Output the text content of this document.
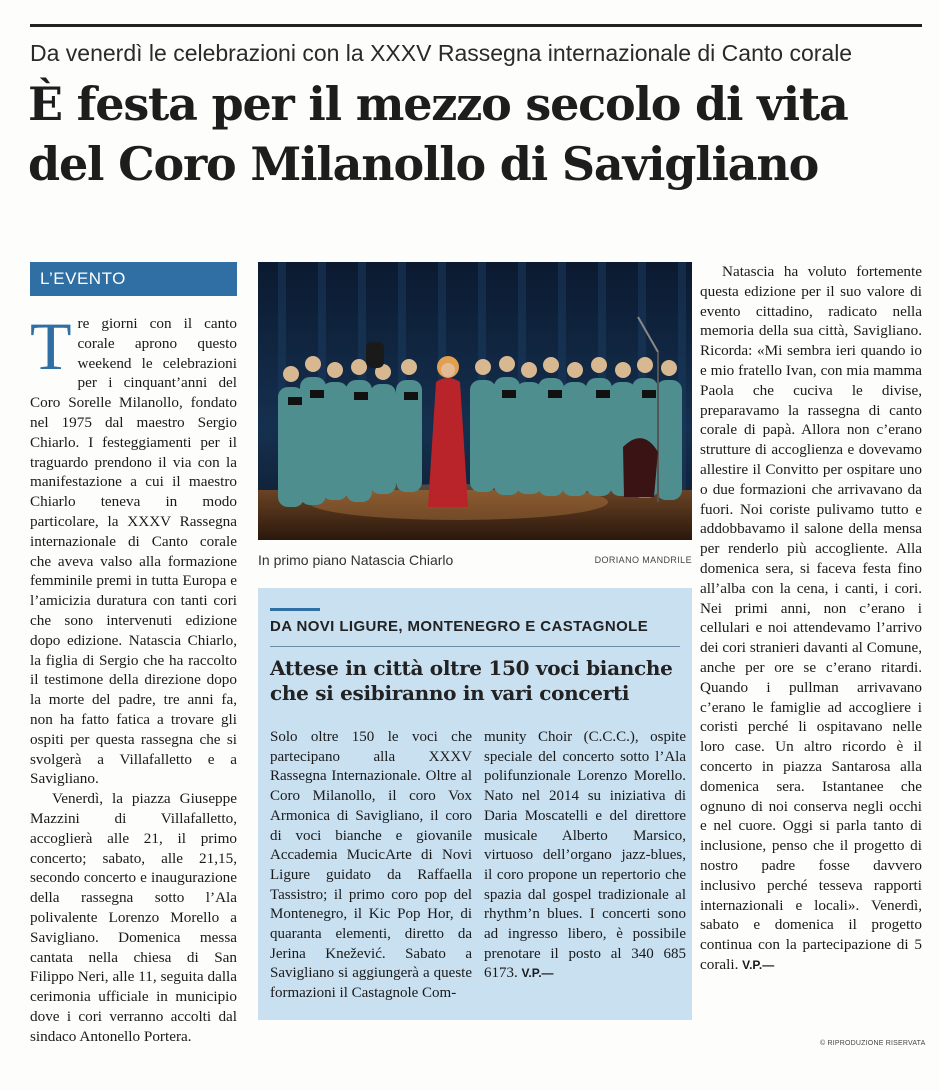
Da venerdì le celebrazioni con la XXXV Rassegna internazionale di Canto corale
È festa per il mezzo secolo di vita
del Coro Milanollo di Savigliano
L’EVENTO

Tre giorni con il canto corale aprono questo weekend le celebrazioni per i cinquant’anni del Coro Sorelle Milanollo, fondato nel 1975 dal maestro Sergio Chiarlo. I festeggiamenti per il traguardo prendono il via con la manifestazione a cui il maestro Chiarlo teneva in modo particolare, la XXXV Rassegna internazionale di Canto corale che aveva valso alla formazione femminile premi in tutta Europa e l’amicizia duratura con tanti cori che sono intervenuti edizione dopo edizione. Natascia Chiarlo, la figlia di Sergio che ha raccolto il testimone della direzione dopo la morte del padre, tre anni fa, non ha fatto fatica a trovare gli ospiti per questa rassegna che si svolgerà a Villafalletto e a Savigliano.

Venerdì, la piazza Giuseppe Mazzini di Villafalletto, accoglierà alle 21, il primo concerto; sabato, alle 21,15, secondo concerto e inaugurazione della rassegna sotto l’Ala polivalente Lorenzo Morello a Savigliano. Domenica messa cantata nella chiesa di San Filippo Neri, alle 11, seguita dalla cerimonia ufficiale in municipio dove i cori verranno accolti dal sindaco Antonello Portera.

In primo piano Natascia Chiarlo	DORIANO MANDRILE
DA NOVI LIGURE, MONTENEGRO E CASTAGNOLE
Attese in città oltre 150 voci bianche
che si esibiranno in vari concerti

Solo oltre 150 le voci che partecipano alla XXXV Rassegna Internazionale. Oltre al Coro Milanollo, il coro Vox Armonica di Savigliano, il coro di voci bianche e giovanile Accademia MucicArte di Novi Ligure guidato da Raffaella Tassistro; il primo coro pop del Montenegro, il Kic Pop Hor, di quaranta elementi, diretto da Jerina Knežević. Sabato a Savigliano si aggiungerà a queste formazioni il Castagnole Com-

munity Choir (C.C.C.), ospite speciale del concerto sotto l’Ala polifunzionale Lorenzo Morello. Nato nel 2014 su iniziativa di Daria Moscatelli e del direttore musicale Alberto Marsico, virtuoso dell’organo jazz-blues, il coro propone un repertorio che spazia dal gospel tradizionale al rhythm’n blues. I concerti sono ad ingresso libero, è possibile prenotare il posto al 340 685 6173. V.P.—

Natascia ha voluto fortemente questa edizione per il suo valore di evento cittadino, radicato nella memoria della sua città, Savigliano. Ricorda: «Mi sembra ieri quando io e mio fratello Ivan, con mia mamma Paola che cuciva le divise, preparavamo la rassegna di canto corale di papà. Allora non c’erano strutture di accoglienza e dovevamo allestire il Convitto per ospitare uno o due formazioni che arrivavano da fuori. Noi coriste pulivamo tutto e addobbavamo il salone della mensa per renderlo più accogliente. Alla domenica sera, si faceva festa fino all’alba con la cena, i canti, i cori. Nei primi anni, non c’erano i cellulari e noi attendevamo l’arrivo dei cori stranieri davanti al Comune, anche per ore se c’erano ritardi. Quando i pullman arrivavano c’erano le famiglie ad accogliere i coristi perché li ospitavano nelle loro case. Un altro ricordo è il concerto in piazza Santarosa alla domenica sera. Istantanee che ognuno di noi conserva negli occhi e nel cuore. Oggi si parla tanto di inclusione, penso che il progetto di nostro padre fosse davvero inclusivo perché tesseva rapporti internazionali e locali». Venerdì, sabato e domenica il progetto continua con la partecipazione di 5 corali. V.P.—

© RIPRODUZIONE RISERVATA
